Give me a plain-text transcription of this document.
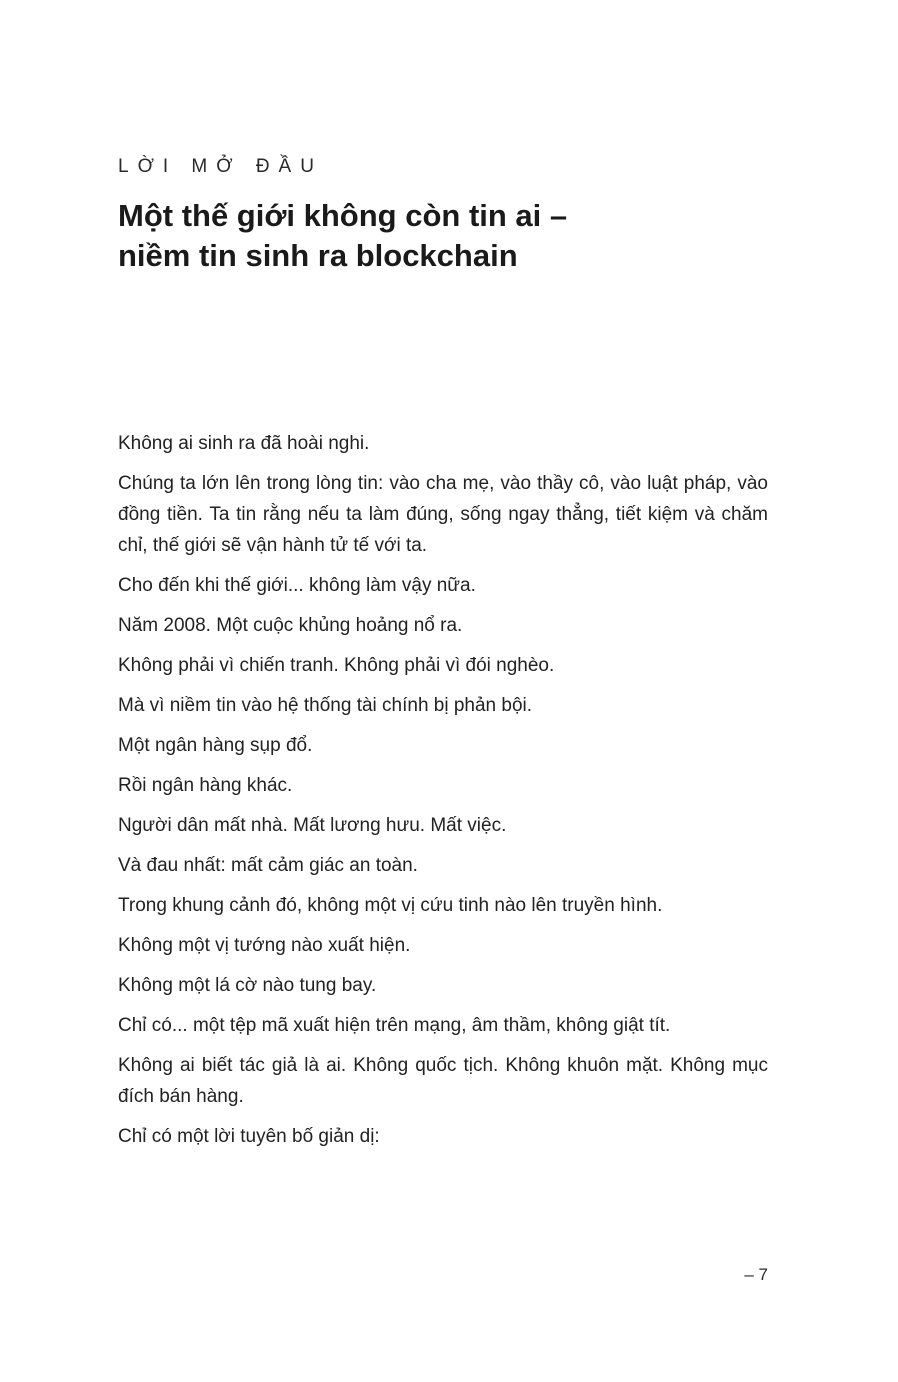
LỜI MỞ ĐẦU
Một thế giới không còn tin ai –
niềm tin sinh ra blockchain

Không ai sinh ra đã hoài nghi.

Chúng ta lớn lên trong lòng tin: vào cha mẹ, vào thầy cô, vào luật pháp, vào đồng tiền. Ta tin rằng nếu ta làm đúng, sống ngay thẳng, tiết kiệm và chăm chỉ, thế giới sẽ vận hành tử tế với ta.

Cho đến khi thế giới... không làm vậy nữa.

Năm 2008. Một cuộc khủng hoảng nổ ra.

Không phải vì chiến tranh. Không phải vì đói nghèo.

Mà vì niềm tin vào hệ thống tài chính bị phản bội.

Một ngân hàng sụp đổ.

Rồi ngân hàng khác.

Người dân mất nhà. Mất lương hưu. Mất việc.

Và đau nhất: mất cảm giác an toàn.

Trong khung cảnh đó, không một vị cứu tinh nào lên truyền hình.

Không một vị tướng nào xuất hiện.

Không một lá cờ nào tung bay.

Chỉ có... một tệp mã xuất hiện trên mạng, âm thầm, không giật tít.

Không ai biết tác giả là ai. Không quốc tịch. Không khuôn mặt. Không mục đích bán hàng.

Chỉ có một lời tuyên bố giản dị:

– 7
